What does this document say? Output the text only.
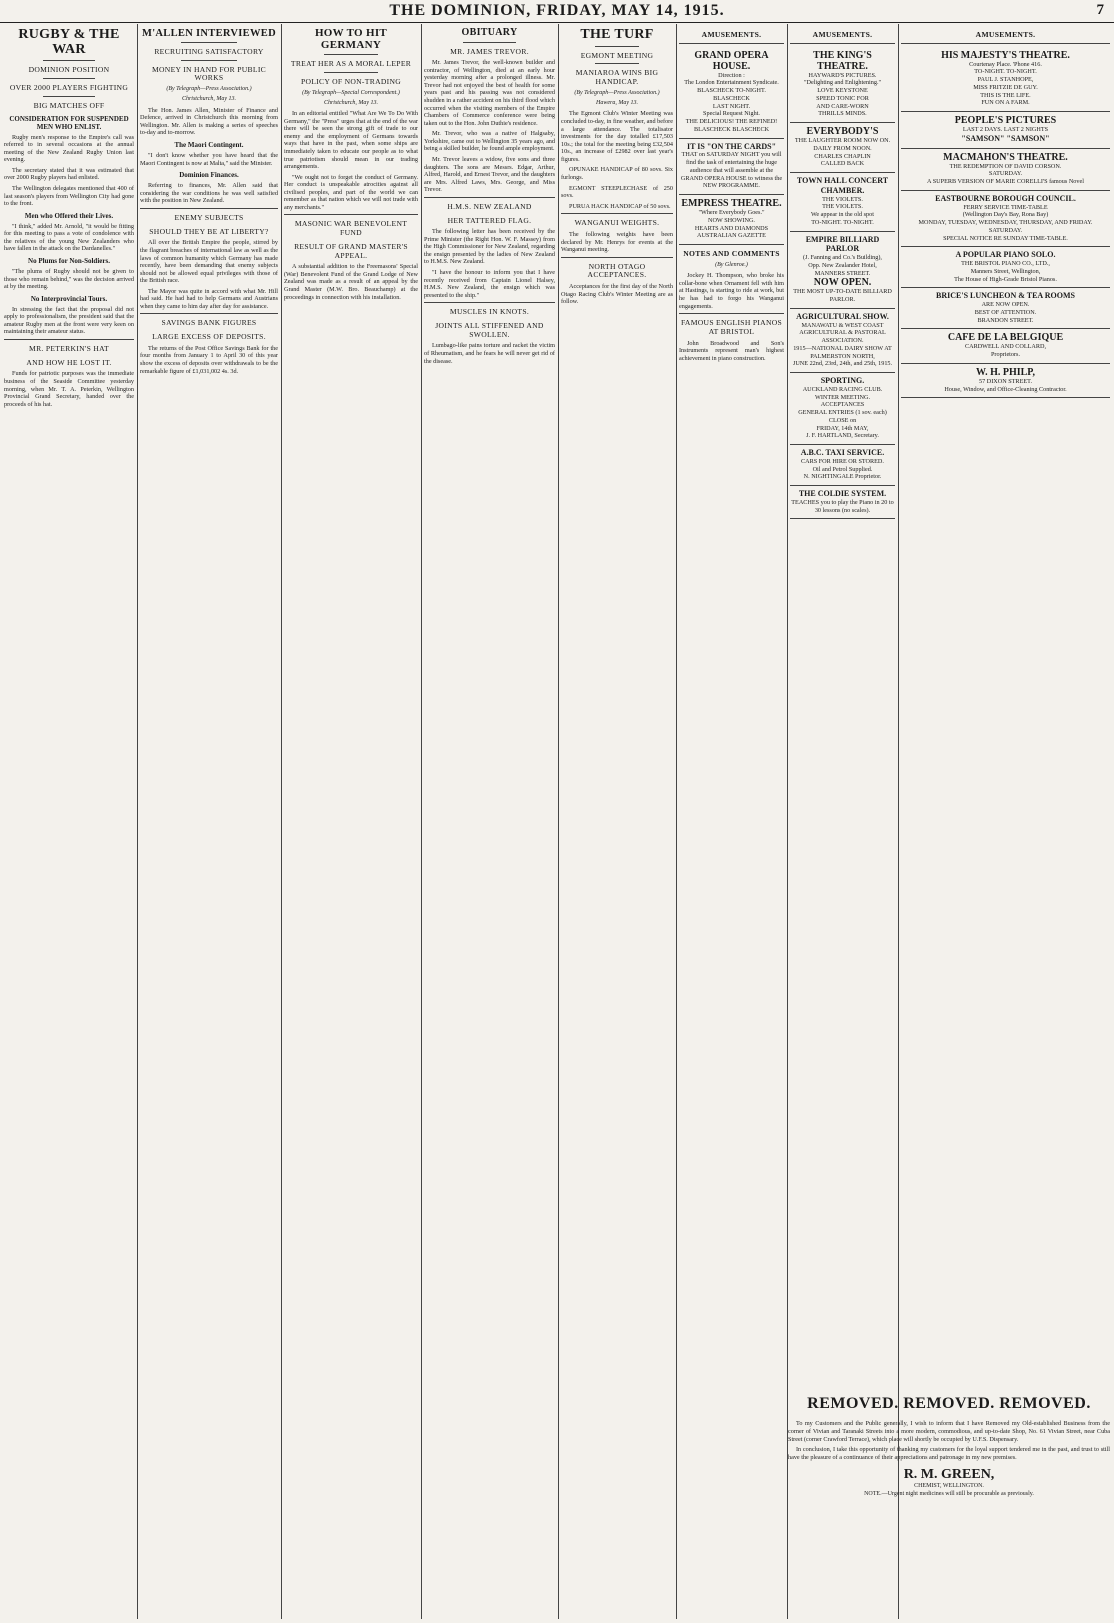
THE DOMINION, FRIDAY, MAY 14, 1915.	7
RUGBY & THE WAR
DOMINION POSITION
OVER 2000 PLAYERS FIGHTING
BIG MATCHES OFF
CONSIDERATION FOR SUSPENDED MEN WHO ENLIST.

Rugby men's response to the Empire's call was referred to in several occasions at the annual meeting of the New Zealand Rugby Union last evening.

The secretary stated that it was estimated that over 2000 Rugby players had enlisted.

The Wellington delegates mentioned that 400 of last season's players from Wellington City had gone to the front.

Men who Offered their Lives.

"I think," added Mr. Arnold, "it would be fitting for this meeting to pass a vote of condolence with the relatives of the young New Zealanders who have fallen in the attack on the Dardanelles."

No Plums for Non-Soldiers.

"The plums of Rugby should not be given to those who remain behind," was the decision arrived at by the meeting.

No Interprovincial Tours.

In stressing the fact that the proposal did not apply to professionalism, the president said that the amateur Rugby men at the front were very keen on maintaining their amateur status.

MR. PETERKIN'S HAT
AND HOW HE LOST IT.

Funds for patriotic purposes was the immediate business of the Seaside Committee yesterday morning, when Mr. T. A. Peterkin, Wellington Provincial Grand Secretary, handed over the proceeds of his hat.

M'ALLEN INTERVIEWED
RECRUITING SATISFACTORY
MONEY IN HAND FOR PUBLIC WORKS
(By Telegraph—Press Association.)
Christchurch, May 13.

The Hon. James Allen, Minister of Finance and Defence, arrived in Christchurch this morning from Wellington. Mr. Allen is making a series of speeches to-day and to-morrow.

The Maori Contingent.

"I don't know whether you have heard that the Maori Contingent is now at Malta," said the Minister.

Dominion Finances.

Referring to finances, Mr. Allen said that considering the war conditions he was well satisfied with the position in New Zealand.

ENEMY SUBJECTS
SHOULD THEY BE AT LIBERTY?

All over the British Empire the people, stirred by the flagrant breaches of international law as well as the laws of common humanity which Germany has made recently, have been demanding that enemy subjects should not be allowed equal privileges with those of the British race.

The Mayor was quite in accord with what Mr. Hill had said. He had had to help Germans and Austrians when they came to him day after day for assistance.

SAVINGS BANK FIGURES
LARGE EXCESS OF DEPOSITS.

The returns of the Post Office Savings Bank for the four months from January 1 to April 30 of this year show the excess of deposits over withdrawals to be the remarkable figure of £1,031,002 4s. 3d.

HOW TO HIT GERMANY
TREAT HER AS A MORAL LEPER
POLICY OF NON-TRADING
(By Telegraph—Special Correspondent.)
Christchurch, May 13.

In an editorial entitled "What Are We To Do With Germany," the "Press" urges that at the end of the war there will be seen the strong gift of trade to our enemy and the employment of Germans towards ways that have in the past, when some ships are immediately taken to educate our people as to what true patriotism should mean in our trading arrangements.

"We ought not to forget the conduct of Germany. Her conduct is unspeakable atrocities against all civilised peoples, and part of the world we can remember as that nation which we will not trade with any merchants."

MASONIC WAR BENEVOLENT FUND
RESULT OF GRAND MASTER'S APPEAL.

A substantial addition to the Freemasons' Special (War) Benevolent Fund of the Grand Lodge of New Zealand was made as a result of an appeal by the Grand Master (M.W. Bro. Beauchamp) at the proceedings in connection with his installation.

OBITUARY
MR. JAMES TREVOR.

Mr. James Trevor, the well-known builder and contractor, of Wellington, died at an early hour yesterday morning after a prolonged illness. Mr. Trevor had not enjoyed the best of health for some years past and his passing was not considered shudden in a rather accident on his third flood which occurred when the visiting members of the Empire Chambers of Commerce conference were being taken out to the Hon. John Duthie's residence.

Mr. Trevor, who was a native of Halgsaby, Yorkshire, came out to Wellington 35 years ago, and being a skilled builder, he found ample employment.

Mr. Trevor leaves a widow, five sons and three daughters. The sons are Messrs. Edgar, Arthur, Alfred, Harold, and Ernest Trevor, and the daughters are Mrs. Alfred Laws, Mrs. George, and Miss Trevor.

H.M.S. NEW ZEALAND
HER TATTERED FLAG.

The following letter has been received by the Prime Minister (the Right Hon. W. F. Massey) from the High Commissioner for New Zealand, regarding the ensign presented by the ladies of New Zealand to H.M.S. New Zealand.

"I have the honour to inform you that I have recently received from Captain Lionel Halsey, H.M.S. New Zealand, the ensign which was presented to the ship."

MUSCLES IN KNOTS.
JOINTS ALL STIFFENED AND SWOLLEN.

Lumbago-like pains torture and racket the victim of Rheumatism, and he fears he will never get rid of the disease.

THE TURF
EGMONT MEETING
MANIAROA WINS BIG HANDICAP.
(By Telegraph—Press Association.)
Hawera, May 13.

The Egmont Club's Winter Meeting was concluded to-day, in fine weather, and before a large attendance. The totalisator investments for the day totalled £17,503 10s.; the total for the meeting being £32,504 10s., an increase of £2982 over last year's figures.

OPUNAKE HANDICAP of 80 sovs. Six furlongs.

EGMONT STEEPLECHASE of 250 sovs.

PURUA HACK HANDICAP of 50 sovs.

WANGANUI WEIGHTS.

The following weights have been declared by Mr. Henrys for events at the Wanganui meeting.

NORTH OTAGO ACCEPTANCES.

Acceptances for the first day of the North Otago Racing Club's Winter Meeting are as follow.

AMUSEMENTS.
GRAND OPERA HOUSE.
Direction :
The London Entertainment Syndicate.
BLASCHECK TO-NIGHT. BLASCHECK
LAST NIGHT.
Special Request Night.
THE DELICIOUS! THE REFINED!
BLASCHECK BLASCHECK
IT IS "ON THE CARDS"
THAT on SATURDAY NIGHT you will find the task of entertaining the huge audience that will assemble at the GRAND OPERA HOUSE to witness the NEW PROGRAMME.
EMPRESS THEATRE.
"Where Everybody Goes."
NOW SHOWING.
HEARTS AND DIAMONDS
AUSTRALIAN GAZETTE
NOTES AND COMMENTS
(By Glenroe.)

Jockey H. Thompson, who broke his collar-bone when Ornament fell with him at Hastings, is starting to ride at work, but he has had to forgo his Wanganui engagements.

FAMOUS ENGLISH PIANOS AT BRISTOL

John Broadwood and Son's Instruments represent man's highest achievement in piano construction.

AMUSEMENTS.
THE KING'S THEATRE.
HAYWARD'S PICTURES.
"Delighting and Enlightening."
LOVE KEYSTONE
SPEED TONIC FOR
AND CARE-WORN
THRILLS MINDS.
EVERYBODY'S
THE LAUGHTER ROOM NOW ON.
DAILY FROM NOON.
CHARLES CHAPLIN
CALLED BACK
TOWN HALL CONCERT CHAMBER.
THE VIOLETS.
THE VIOLETS.
We appear in the old spot
TO-NIGHT. TO-NIGHT.
EMPIRE BILLIARD PARLOR
(J. Fanning and Co.'s Building),
Opp. New Zealander Hotel,
MANNERS STREET.
NOW OPEN.
THE MOST UP-TO-DATE BILLIARD PARLOR.
AGRICULTURAL SHOW.
MANAWATU & WEST COAST AGRICULTURAL & PASTORAL ASSOCIATION.
1915—NATIONAL DAIRY SHOW AT PALMERSTON NORTH,
JUNE 22nd, 23rd, 24th, and 25th, 1915.
SPORTING.
AUCKLAND RACING CLUB.
WINTER MEETING.
ACCEPTANCES
GENERAL ENTRIES (1 sov. each)
CLOSE on
FRIDAY, 14th MAY,
J. F. HARTLAND, Secretary.
A.B.C. TAXI SERVICE.
CARS FOR HIRE OR STORED.
Oil and Petrol Supplied.
N. NIGHTINGALE Proprietor.
THE COLDIE SYSTEM.
TEACHES you to play the Piano in 20 to 30 lessons (no scales).
AMUSEMENTS.
HIS MAJESTY'S THEATRE.
Courtenay Place. 'Phone 416.
TO-NIGHT. TO-NIGHT.
PAUL J. STANHOPE,
MISS FRITZIE DE GUY.
THIS IS THE LIFE.
FUN ON A FARM.
PEOPLE'S PICTURES
LAST 2 DAYS. LAST 2 NIGHTS
"SAMSON" "SAMSON"
MACMAHON'S THEATRE.
THE REDEMPTION OF DAVID CORSON.
SATURDAY.
A SUPERB VERSION OF MARIE CORELLI'S famous Novel
EASTBOURNE BOROUGH COUNCIL.
FERRY SERVICE TIME-TABLE
(Wellington Day's Bay, Rona Bay)
MONDAY, TUESDAY, WEDNESDAY, THURSDAY, AND FRIDAY.
SATURDAY.
SPECIAL NOTICE RE SUNDAY TIME-TABLE.
A POPULAR PIANO SOLO.
THE BRISTOL PIANO CO., LTD.,
Manners Street, Wellington,
The House of High-Grade Bristol Pianos.
BRICE'S LUNCHEON & TEA ROOMS
ARE NOW OPEN.
BEST OF ATTENTION.
BRANDON STREET.
CAFE DE LA BELGIQUE
CARDWELL AND COLLARD,
Proprietors.
W. H. PHILP,
57 DIXON STREET.
House, Window, and Office-Cleaning Contractor.
REMOVED. REMOVED. REMOVED.

To my Customers and the Public generally, I wish to inform that I have Removed my Old-established Business from the corner of Vivian and Taranaki Streets into a more modern, commodious, and up-to-date Shop, No. 61 Vivian Street, near Cuba Street (corner Crawford Terrace), which place will shortly be occupied by U.F.S. Dispensary.

In conclusion, I take this opportunity of thanking my customers for the loyal support tendered me in the past, and trust to still have the pleasure of a continuance of their appreciations and patronage in my new premises.

R. M. GREEN,
CHEMIST, WELLINGTON.
NOTE.—Urgent night medicines will still be procurable as previously.
